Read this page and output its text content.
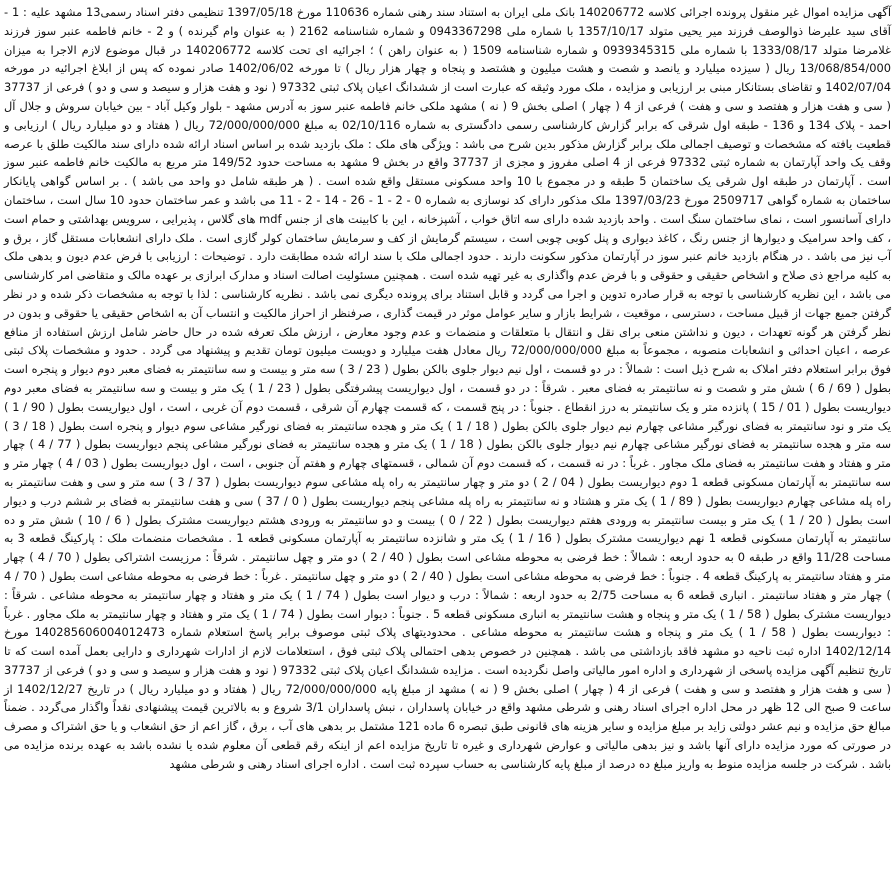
آگهی مزایده اموال غیر منقول پرونده اجرائی کلاسه 140206772 بانک ملی ایران به استناد سند رهنی شماره 110636 مورخ 1397/05/18 تنظیمی دفتر اسناد رسمی13 مشهد علیه : 1 - آقای سید علیرضا ذوالوصف فرزند میر یحیی متولد 1357/10/17 با شماره ملی 0943367298 و شماره شناسنامه 2162 ( به عنوان وام گیرنده ) و 2 - خانم فاطمه عنبر سوز فرزند غلامرضا متولد 1333/08/17 با شماره ملی 0939345315 و شماره شناسنامه 1509 ( به عنوان راهن ) ؛ اجرائیه ای تحت کلاسه 140206772 در قبال موضوع لازم الاجرا به میزان 13/068/854/000 ریال ( سیزده میلیارد و یانصد و شصت و هشت میلیون و هشتصد و پنجاه و چهار هزار ریال ) تا مورخه 1402/06/02 صادر نموده که پس از ابلاغ اجرائیه در مورخه 1402/07/04 و تقاضای بستانکار مبنی بر ارزیابی و مزایده ، ملک مورد وثیقه که عبارت است از ششدانگ اعیان پلاک ثبتی 97332 ( نود و هفت هزار و سیصد و سی و دو ) فرعی از 37737 ( سی و هفت هزار و هفتصد و سی و هفت ) فرعی از 4 ( چهار ) اصلی بخش 9 ( نه ) مشهد ملکی خانم فاطمه عنبر سوز به آدرس مشهد - بلوار وکیل آباد - بین خیابان سروش و جلال آل احمد - پلاک 134 و 136 - طبقه اول شرقی که برابر گزارش کارشناسی رسمی دادگستری به شماره 02/10/116 به مبلغ 72/000/000/000 ریال ( هفتاد و دو میلیارد ریال ) ارزیابی و قطعیت یافته که مشخصات و توصیف اجمالی ملک برابر گزارش مذکور بدین شرح می باشد : ویژگی های ملک : ملک بازدید شده بر اساس اسناد ارائه شده دارای سند مالکیت طلق با عرصه وقف یک واحد آپارتمان به شماره ثبتی 97332 فرعی از 4 اصلی مفروز و مجزی از 37737 واقع در بخش 9 مشهد به مساحت حدود 149/52 متر مربع به مالکیت خانم فاطمه عنبر سوز است . آپارتمان در طبقه اول شرقی یک ساختمان 5 طبقه و در مجموع با 10 واحد مسکونی مستقل واقع شده است . ( هر طبقه شامل دو واحد می باشد ) . بر اساس گواهی پایانکار ساختمان به شماره گواهی 2509717 مورخ 1397/03/23 ملک مذکور دارای کد نوسازی به شماره 0 - 2 - 1 - 26 - 14 - 2 - 11 می باشد و عمر ساختمان حدود 10 سال است ، ساختمان دارای آسانسور است ، نمای ساختمان سنگ است . واحد بازدید شده دارای سه اتاق خواب ، آشپزخانه ، این با کابینت های از جنس mdf های گلاس ، پذیرایی ، سرویس بهداشتی و حمام است ، کف واحد سرامیک و دیوارها از جنس رنگ ، کاغذ دیواری و پنل کوبی چوبی است ، سیستم گرمایش از کف و سرمایش ساختمان کولر گازی است . ملک دارای انشعابات مستقل گاز ، برق و آب نیز می باشد . در هنگام بازدید خانم عنبر سوز در آپارتمان مذکور سکونت دارند . حدود اجمالی ملک با سند ارائه شده مطابقت دارد . توضیحات : ارزیابی با فرض عدم دیون و بدهی ملک به کلیه مراجع ذی صلاح و اشخاص حقیقی و حقوقی و با فرض عدم واگذاری به غیر تهیه شده است . همچنین مسئولیت اصالت اسناد و مدارک ابرازی بر عهده مالک و متقاضی امر کارشناسی می باشد ، این نظریه کارشناسی با توجه به قرار صادره تدوین و اجرا می گردد و قابل استناد برای پرونده دیگری نمی باشد . نظریه کارشناسی : لذا با توجه به مشخصات ذکر شده و در نظر گرفتن جمیع جهات از قبیل مساحت ، دسترسی ، موقعیت ، شرایط بازار و سایر عوامل موثر در قیمت گذاری ، صرفنظر از احراز مالکیت و انتساب آن به اشخاص حقیقی یا حقوقی و بدون در نظر گرفتن هر گونه تعهدات ، دیون و نداشتن منعی برای نقل و انتقال با متعلقات و منضمات و عدم وجود معارض ، ارزش ملک تعرفه شده در حال حاضر شامل ارزش استفاده از منافع عرصه ، اعیان احداثی و انشعابات منصوبه ، مجموعاً به مبلغ 72/000/000/000 ریال معادل هفت میلیارد و دویست میلیون تومان تقدیم و پیشنهاد می گردد . حدود و مشخصات پلاک ثبتی فوق برابر استعلام دفتر املاک به شرح ذیل است : شمالاً : در دو قسمت ، اول نیم دیوار جلوی بالکن بطول ( 23 / 3 ) سه متر و بیست و سه سانتیمتر به فضای معبر دوم دیوار و پنجره است بطول ( 69 / 6 ) شش متر و شصت و نه سانتیمتر به فضای معبر . شرقاً : در دو قسمت ، اول دیواریست پیشرفتگی بطول ( 23 / 1 ) یک متر و بیست و سه سانتیمتر به فضای معبر دوم دیواریست بطول ( 01 / 15 ) پانزده متر و یک سانتیمتر به درز انقطاع . جنوباً : در پنج قسمت ، که قسمت چهارم آن شرقی ، قسمت دوم آن غربی ، است ، اول دیواریست بطول ( 90 / 1 ) یک متر و نود سانتیمتر به فضای نورگیر مشاعی چهارم نیم دیوار جلوی بالکن بطول ( 18 / 1 ) یک متر و هجده سانتیمتر به فضای نورگیر مشاعی سوم دیوار و پنجره است بطول ( 18 / 3 ) سه متر و هجده سانتیمتر به فضای نورگیر مشاعی چهارم نیم دیوار جلوی بالکن بطول ( 18 / 1 ) یک متر و هجده سانتیمتر به فضای نورگیر مشاعی پنجم دیواریست بطول ( 77 / 4 ) چهار متر و هفتاد و هفت سانتیمتر به فضای ملک مجاور . غرباً : در نه قسمت ، که قسمت دوم آن شمالی ، قسمتهای چهارم و هفتم آن جنوبی ، است ، اول دیواریست بطول ( 03 / 4 ) چهار متر و سه سانتیمتر به آپارتمان مسکونی قطعه 1 دوم دیواریست بطول ( 04 / 2 ) دو متر و چهار سانتیمتر به راه پله مشاعی سوم دیواریست بطول ( 37 / 3 ) سه متر و سی و هفت سانتیمتر به راه پله مشاعی چهارم دیواریست بطول ( 89 / 1 ) یک متر و هشتاد و نه سانتیمتر به راه پله مشاعی پنجم دیواریست بطول ( 0 / 37 ) سی و هفت سانتیمتر به فضای بر ششم درب و دیوار است بطول ( 20 / 1 ) یک متر و بیست سانتیمتر به ورودی هفتم دیواریست بطول ( 22 / 0 ) بیست و دو سانتیمتر به ورودی هشتم دیواریست مشترک بطول ( 6 / 10 ) شش متر و ده سانتیمتر به آپارتمان مسکونی قطعه 1 نهم دیواریست مشترک بطول ( 16 / 1 ) یک متر و شانزده سانتیمتر به آپارتمان مسکونی قطعه 1 . مشخصات منضمات ملک : پارکینگ قطعه 3 به مساحت 11/28 واقع در طبقه 0 به حدود اربعه : شمالاً : خط فرضی به محوطه مشاعی است بطول ( 40 / 2 ) دو متر و چهل سانتیمتر . شرقاً : مرزیست اشتراکی بطول ( 70 / 4 ) چهار متر و هفتاد سانتیمتر به پارکینگ قطعه 4 . جنوباً : خط فرضی به محوطه مشاعی است بطول ( 40 / 2 ) دو متر و چهل سانتیمتر . غرباً : خط فرضی به محوطه مشاعی است بطول ( 70 / 4 ) چهار متر و هفتاد سانتیمتر . انباری قطعه 6 به مساحت 2/75 به حدود اربعه : شمالاً : درب و دیوار است بطول ( 74 / 1 ) یک متر و هفتاد و چهار سانتیمتر به محوطه مشاعی . شرقاً : دیواریست مشترک بطول ( 58 / 1 ) یک متر و پنجاه و هشت سانتیمتر به انباری مسکونی قطعه 5 . جنوباً : دیوار است بطول ( 74 / 1 ) یک متر و هفتاد و چهار سانتیمتر به ملک مجاور . غرباً : دیواریست بطول ( 58 / 1 ) یک متر و پنجاه و هشت سانتیمتر به محوطه مشاعی . محدودیتهای پلاک ثبتی موصوف برابر پاسخ استعلام شماره 140285606004012473 مورخ 1402/12/14 اداره ثبت ناحیه دو مشهد فاقد بازداشتی می باشد . همچنین در خصوص بدهی احتمالی پلاک ثبتی فوق ، استعلامات لازم از ادارات شهرداری و دارایی بعمل آمده است که تا تاریخ تنظیم آگهی مزایده پاسخی از شهرداری و اداره امور مالیاتی واصل نگردیده است . مزایده ششدانگ اعیان پلاک ثبتی 97332 ( نود و هفت هزار و سیصد و سی و دو ) فرعی از 37737 ( سی و هفت هزار و هفتصد و سی و هفت ) فرعی از 4 ( چهار ) اصلی بخش 9 ( نه ) مشهد از مبلغ پایه 72/000/000/000 ریال ( هفتاد و دو میلیارد ریال ) در تاریخ 1402/12/27 از ساعت 9 صبح الی 12 ظهر در محل اداره اجرای اسناد رهنی و شرطی مشهد واقع در خیابان پاسداران ، نبش پاسداران 3/1 شروع و به بالاترین قیمت پیشنهادی نقداً واگذار می‌گردد . ضمناً مبالغ حق مزایده و نیم عشر دولتی زاید بر مبلغ مزایده و سایر هزینه های قانونی طبق تبصره 6 ماده 121 مشتمل بر بدهی های آب ، برق ، گاز اعم از حق انشعاب و یا حق اشتراک و مصرف در صورتی که مورد مزایده دارای آنها باشد و نیز بدهی مالیاتی و عوارض شهرداری و غیره تا تاریخ مزایده اعم از اینکه رقم قطعی آن معلوم شده یا نشده باشد به عهده برنده مزایده می باشد . شرکت در جلسه مزایده منوط به واریز مبلغ ده درصد از مبلغ پایه کارشناسی به حساب سپرده ثبت است . اداره اجرای اسناد رهنی و شرطی مشهد
